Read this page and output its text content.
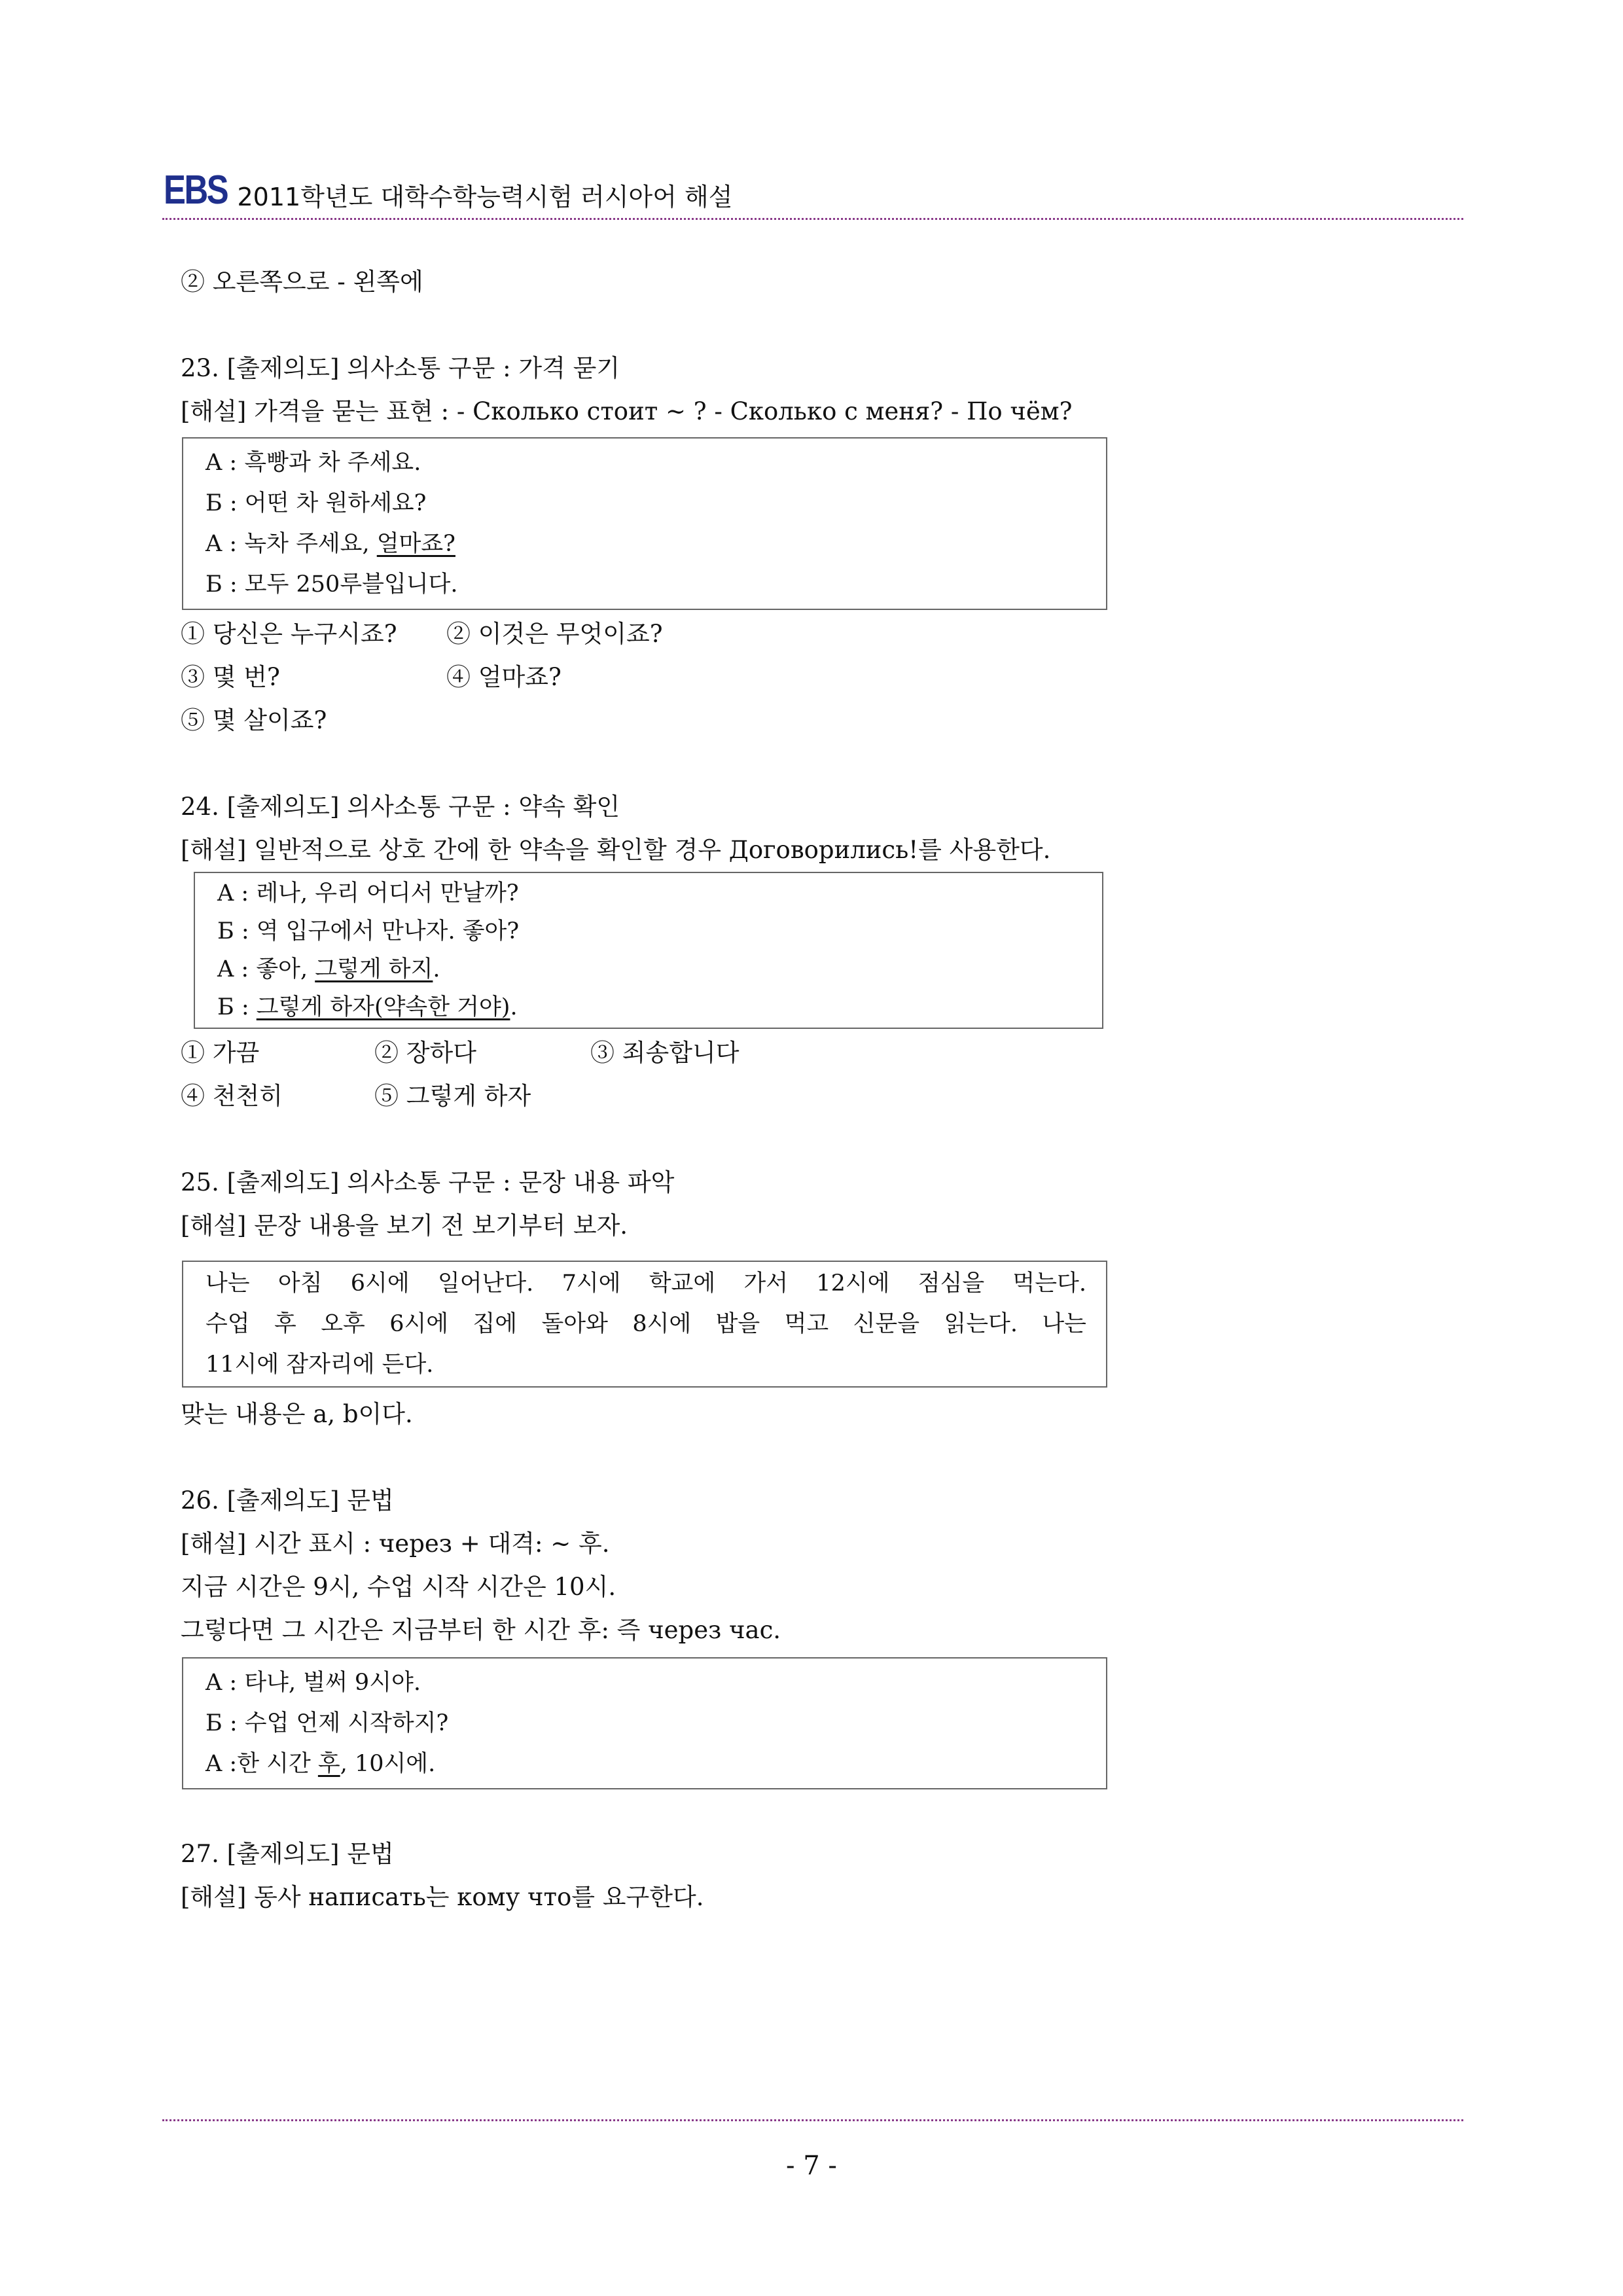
EBS 2011학년도 대학수학능력시험 러시아어 해설
② 오른쪽으로 - 왼쪽에
23. [출제의도] 의사소통 구문 : 가격 묻기
[해설] 가격을 묻는 표현 : - Сколько стоит ~ ? - Сколько с меня? - По чём?
A : 흑빵과 차 주세요.
Б : 어떤 차 원하세요?
A : 녹차 주세요, 얼마죠?
Б : 모두 250루블입니다.
① 당신은 누구시죠?	② 이것은 무엇이죠?
③ 몇 번?	④ 얼마죠?
⑤ 몇 살이죠?
24. [출제의도] 의사소통 구문 : 약속 확인
[해설] 일반적으로 상호 간에 한 약속을 확인할 경우 Договорились!를 사용한다.
A : 레나, 우리 어디서 만날까?
Б : 역 입구에서 만나자. 좋아?
A : 좋아, 그렇게 하지.
Б : 그렇게 하자(약속한 거야).
① 가끔	② 장하다	③ 죄송합니다
④ 천천히	⑤ 그렇게 하자
25. [출제의도] 의사소통 구문 : 문장 내용 파악
[해설] 문장 내용을 보기 전 보기부터 보자.
나는 아침 6시에 일어난다. 7시에 학교에 가서 12시에 점심을 먹는다.
수업 후 오후 6시에 집에 돌아와 8시에 밥을 먹고 신문을 읽는다. 나는
11시에 잠자리에 든다.
맞는 내용은 a, b이다.
26. [출제의도] 문법
[해설] 시간 표시 : через + 대격: ~ 후.
지금 시간은 9시, 수업 시작 시간은 10시.
그렇다면 그 시간은 지금부터 한 시간 후: 즉 через час.
A : 타냐, 벌써 9시야.
Б : 수업 언제 시작하지?
A :한 시간 후, 10시에.
27. [출제의도] 문법
[해설] 동사 написать는 кому что를 요구한다.
- 7 -
